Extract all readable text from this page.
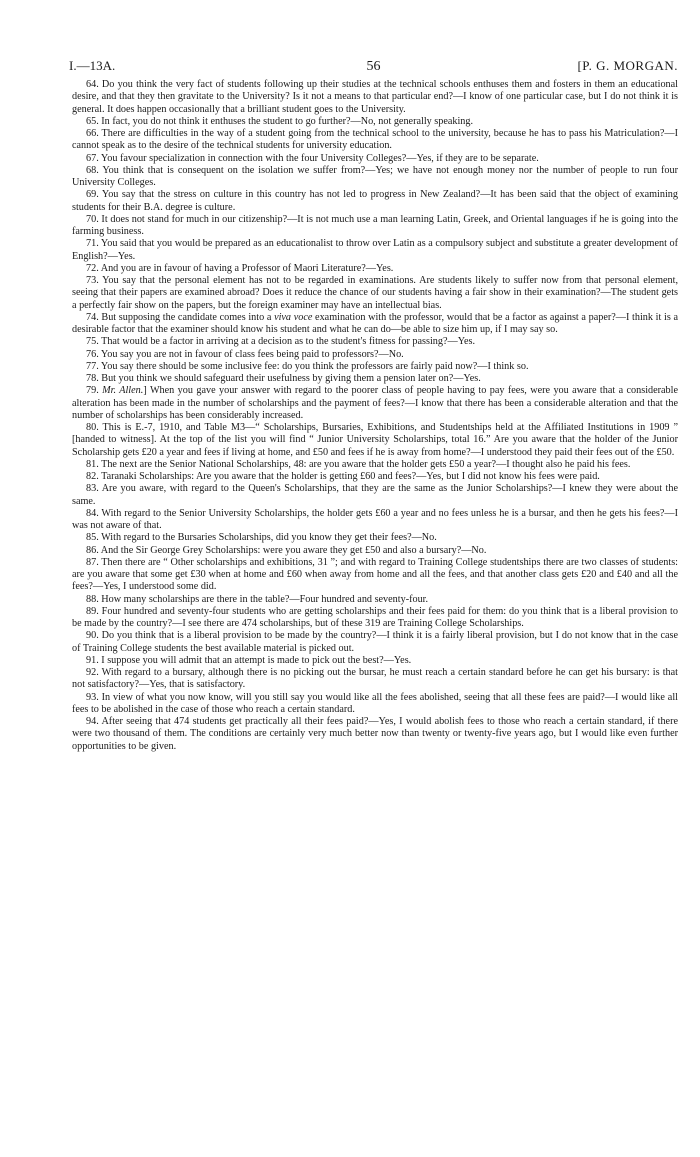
I.—13A.	56	[P. G. MORGAN.

64. Do you think the very fact of students following up their studies at the technical schools enthuses them and fosters in them an educational desire, and that they then gravitate to the University? Is it not a means to that particular end?—I know of one particular case, but I do not think it is general. It does happen occasionally that a brilliant student goes to the University.

65. In fact, you do not think it enthuses the student to go further?—No, not generally speaking.

66. There are difficulties in the way of a student going from the technical school to the university, because he has to pass his Matriculation?—I cannot speak as to the desire of the technical students for university education.

67. You favour specialization in connection with the four University Colleges?—Yes, if they are to be separate.

68. You think that is consequent on the isolation we suffer from?—Yes; we have not enough money nor the number of people to run four University Colleges.

69. You say that the stress on culture in this country has not led to progress in New Zealand?—It has been said that the object of examining students for their B.A. degree is culture.

70. It does not stand for much in our citizenship?—It is not much use a man learning Latin, Greek, and Oriental languages if he is going into the farming business.

71. You said that you would be prepared as an educationalist to throw over Latin as a compulsory subject and substitute a greater development of English?—Yes.

72. And you are in favour of having a Professor of Maori Literature?—Yes.

73. You say that the personal element has not to be regarded in examinations. Are students likely to suffer now from that personal element, seeing that their papers are examined abroad? Does it reduce the chance of our students having a fair show in their examination?—The student gets a perfectly fair show on the papers, but the foreign examiner may have an intellectual bias.

74. But supposing the candidate comes into a viva voce examination with the professor, would that be a factor as against a paper?—I think it is a desirable factor that the examiner should know his student and what he can do—be able to size him up, if I may say so.

75. That would be a factor in arriving at a decision as to the student's fitness for passing?—Yes.

76. You say you are not in favour of class fees being paid to professors?—No.

77. You say there should be some inclusive fee: do you think the professors are fairly paid now?—I think so.

78. But you think we should safeguard their usefulness by giving them a pension later on?—Yes.

79. Mr. Allen.] When you gave your answer with regard to the poorer class of people having to pay fees, were you aware that a considerable alteration has been made in the number of scholarships and the payment of fees?—I know that there has been a considerable alteration and that the number of scholarships has been considerably increased.

80. This is E.-7, 1910, and Table M3—“ Scholarships, Bursaries, Exhibitions, and Studentships held at the Affiliated Institutions in 1909 ” [handed to witness]. At the top of the list you will find “ Junior University Scholarships, total 16.” Are you aware that the holder of the Junior Scholarship gets £20 a year and fees if living at home, and £50 and fees if he is away from home?—I understood they paid their fees out of the £50.

81. The next are the Senior National Scholarships, 48: are you aware that the holder gets £50 a year?—I thought also he paid his fees.

82. Taranaki Scholarships: Are you aware that the holder is getting £60 and fees?—Yes, but I did not know his fees were paid.

83. Are you aware, with regard to the Queen's Scholarships, that they are the same as the Junior Scholarships?—I knew they were about the same.

84. With regard to the Senior University Scholarships, the holder gets £60 a year and no fees unless he is a bursar, and then he gets his fees?—I was not aware of that.

85. With regard to the Bursaries Scholarships, did you know they get their fees?—No.

86. And the Sir George Grey Scholarships: were you aware they get £50 and also a bursary?—No.

87. Then there are “ Other scholarships and exhibitions, 31 ”; and with regard to Training College studentships there are two classes of students: are you aware that some get £30 when at home and £60 when away from home and all the fees, and that another class gets £20 and £40 and all the fees?—Yes, I understood some did.

88. How many scholarships are there in the table?—Four hundred and seventy-four.

89. Four hundred and seventy-four students who are getting scholarships and their fees paid for them: do you think that is a liberal provision to be made by the country?—I see there are 474 scholarships, but of these 319 are Training College Scholarships.

90. Do you think that is a liberal provision to be made by the country?—I think it is a fairly liberal provision, but I do not know that in the case of Training College students the best available material is picked out.

91. I suppose you will admit that an attempt is made to pick out the best?—Yes.

92. With regard to a bursary, although there is no picking out the bursar, he must reach a certain standard before he can get his bursary: is that not satisfactory?—Yes, that is satisfactory.

93. In view of what you now know, will you still say you would like all the fees abolished, seeing that all these fees are paid?—I would like all fees to be abolished in the case of those who reach a certain standard.

94. After seeing that 474 students get practically all their fees paid?—Yes, I would abolish fees to those who reach a certain standard, if there were two thousand of them. The conditions are certainly very much better now than twenty or twenty-five years ago, but I would like even further opportunities to be given.
